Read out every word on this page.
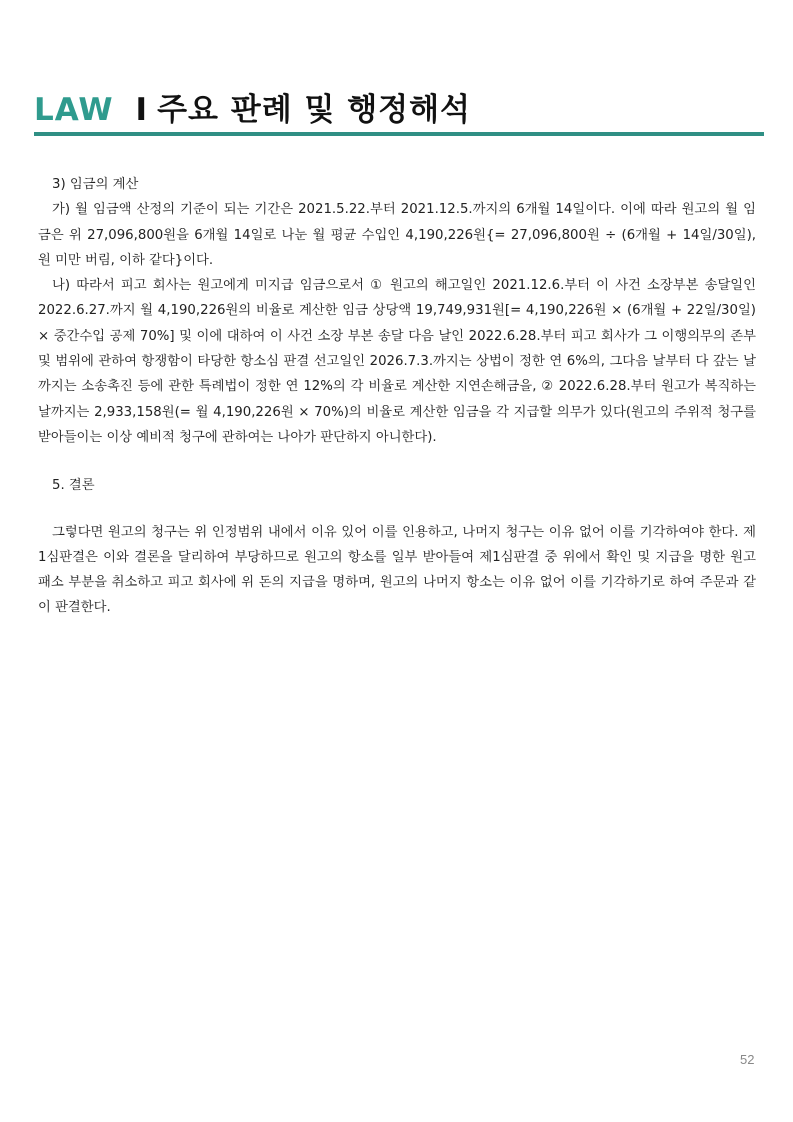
LAW I 주요 판례 및 행정해석

3) 임금의 계산

가) 월 임금액 산정의 기준이 되는 기간은 2021.5.22.부터 2021.12.5.까지의 6개월 14일이다. 이에 따라 원고의 월 임금은 위 27,096,800원을 6개월 14일로 나눈 월 평균 수입인 4,190,226원{= 27,096,800원 ÷ (6개월 + 14일/30일), 원 미만 버림, 이하 같다}이다.

나) 따라서 피고 회사는 원고에게 미지급 임금으로서 ① 원고의 해고일인 2021.12.6.부터 이 사건 소장부본 송달일인 2022.6.27.까지 월 4,190,226원의 비율로 계산한 임금 상당액 19,749,931원[= 4,190,226원 × (6개월 + 22일/30일) × 중간수입 공제 70%] 및 이에 대하여 이 사건 소장 부본 송달 다음 날인 2022.6.28.부터 피고 회사가 그 이행의무의 존부 및 범위에 관하여 항쟁함이 타당한 항소심 판결 선고일인 2026.7.3.까지는 상법이 정한 연 6%의, 그다음 날부터 다 갚는 날까지는 소송촉진 등에 관한 특례법이 정한 연 12%의 각 비율로 계산한 지연손해금을, ② 2022.6.28.부터 원고가 복직하는 날까지는 2,933,158원(= 월 4,190,226원 × 70%)의 비율로 계산한 임금을 각 지급할 의무가 있다(원고의 주위적 청구를 받아들이는 이상 예비적 청구에 관하여는 나아가 판단하지 아니한다).

5. 결론

그렇다면 원고의 청구는 위 인정범위 내에서 이유 있어 이를 인용하고, 나머지 청구는 이유 없어 이를 기각하여야 한다. 제1심판결은 이와 결론을 달리하여 부당하므로 원고의 항소를 일부 받아들여 제1심판결 중 위에서 확인 및 지급을 명한 원고 패소 부분을 취소하고 피고 회사에 위 돈의 지급을 명하며, 원고의 나머지 항소는 이유 없어 이를 기각하기로 하여 주문과 같이 판결한다.

52
